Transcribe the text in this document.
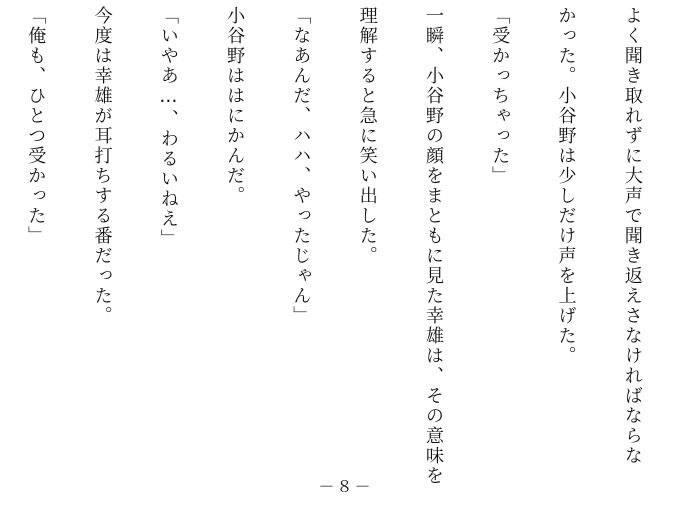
よく聞き取れずに大声で聞き返えさなければならな

かった。小谷野は少しだけ声を上げた。

「受かっちゃった」

一瞬、小谷野の顔をまともに見た幸雄は、その意味を

理解すると急に笑い出した。

「なあんだ、ハハ、やったじゃん」

小谷野ははにかんだ。

「いやあ…、わるいねえ」

今度は幸雄が耳打ちする番だった。

「俺も、ひとつ受かった」

－８－
